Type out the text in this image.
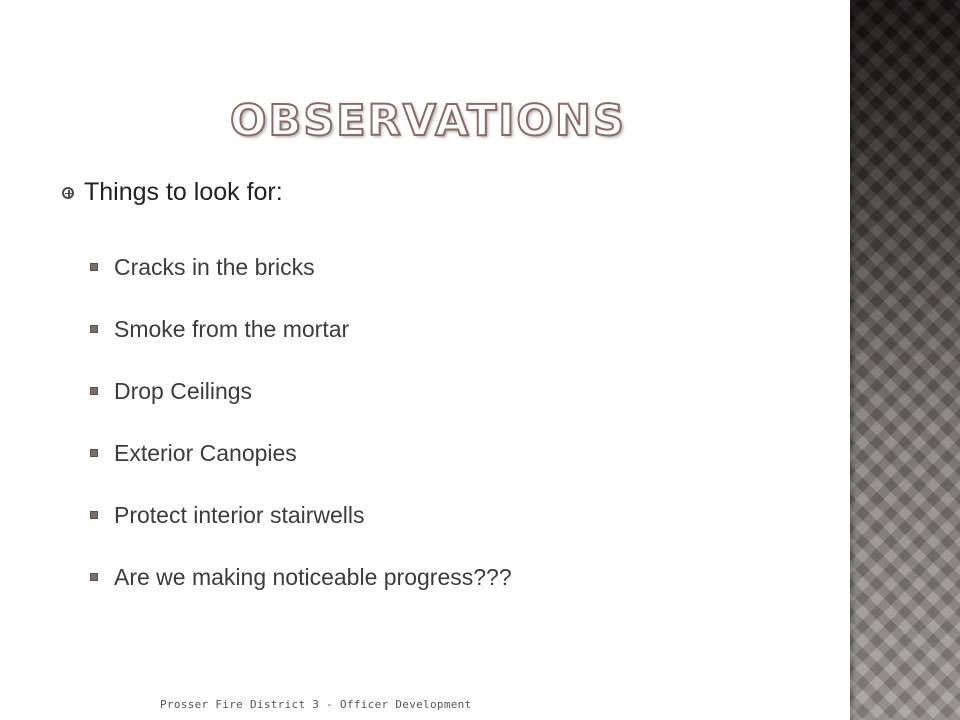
OBSERVATIONS
Things to look for:
Cracks in the bricks
Smoke from the mortar
Drop Ceilings
Exterior Canopies
Protect interior stairwells
Are we making noticeable progress???
Prosser Fire District 3 - Officer Development
